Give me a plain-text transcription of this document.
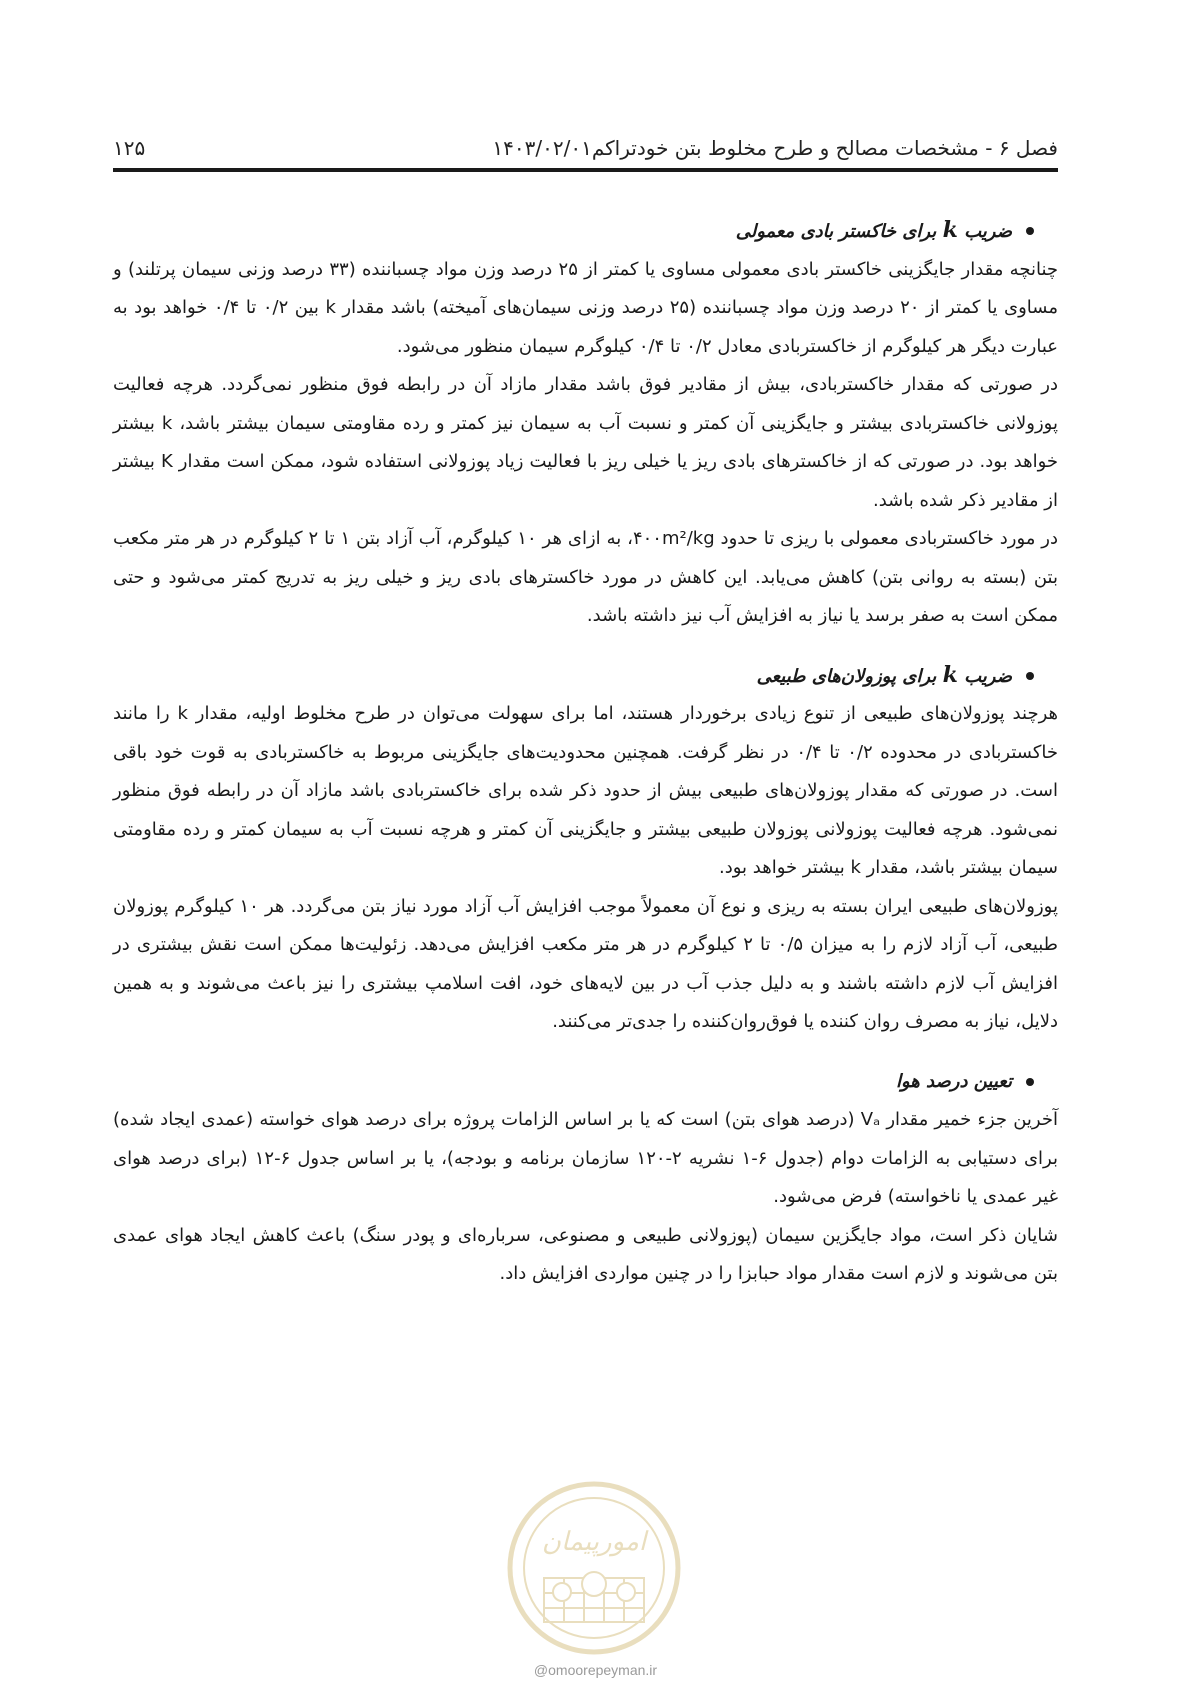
فصل ۶ - مشخصات مصالح و طرح مخلوط بتن خودتراکم۱۴۰۳/۰۲/۰۱
۱۲۵
ضریب k برای خاکستر بادی معمولی

چنانچه مقدار جایگزینی خاکستر بادی معمولی مساوی یا کمتر از ۲۵ درصد وزن مواد چسباننده (۳۳ درصد وزنی سیمان پرتلند) و مساوی یا کمتر از ۲۰ درصد وزن مواد چسباننده (۲۵ درصد وزنی سیمان‌های آمیخته) باشد مقدار k بین ۰/۲ تا ۰/۴ خواهد بود به عبارت دیگر هر کیلوگرم از خاکستربادی معادل ۰/۲ تا ۰/۴ کیلوگرم سیمان منظور می‌شود.

در صورتی که مقدار خاکستربادی، بیش از مقادیر فوق باشد مقدار مازاد آن در رابطه فوق منظور نمی‌گردد. هرچه فعالیت پوزولانی خاکستربادی بیشتر و جایگزینی آن کمتر و نسبت آب به سیمان نیز کمتر و رده مقاومتی سیمان بیشتر باشد، k بیشتر خواهد بود. در صورتی که از خاکسترهای بادی ریز یا خیلی ریز با فعالیت زیاد پوزولانی استفاده شود، ممکن است مقدار K بیشتر از مقادیر ذکر شده باشد.

در مورد خاکستربادی معمولی با ریزی تا حدود ۴۰۰m²/kg، به ازای هر ۱۰ کیلوگرم، آب آزاد بتن ۱ تا ۲ کیلوگرم در هر متر مکعب بتن (بسته به روانی بتن) کاهش می‌یابد. این کاهش در مورد خاکسترهای بادی ریز و خیلی ریز به تدریج کمتر می‌شود و حتی ممکن است به صفر برسد یا نیاز به افزایش آب نیز داشته باشد.

ضریب k برای پوزولان‌های طبیعی

هرچند پوزولان‌های طبیعی از تنوع زیادی برخوردار هستند، اما برای سهولت می‌توان در طرح مخلوط اولیه، مقدار k را مانند خاکستربادی در محدوده ۰/۲ تا ۰/۴ در نظر گرفت. همچنین محدودیت‌های جایگزینی مربوط به خاکستربادی به قوت خود باقی است. در صورتی که مقدار پوزولان‌های طبیعی بیش از حدود ذکر شده برای خاکستربادی باشد مازاد آن در رابطه فوق منظور نمی‌شود. هرچه فعالیت پوزولانی پوزولان طبیعی بیشتر و جایگزینی آن کمتر و هرچه نسبت آب به سیمان کمتر و رده مقاومتی سیمان بیشتر باشد، مقدار k بیشتر خواهد بود.

پوزولان‌های طبیعی ایران بسته به ریزی و نوع آن معمولاً موجب افزایش آب آزاد مورد نیاز بتن می‌گردد. هر ۱۰ کیلوگرم پوزولان طبیعی، آب آزاد لازم را به میزان ۰/۵ تا ۲ کیلوگرم در هر متر مکعب افزایش می‌دهد. زئولیت‌ها ممکن است نقش بیشتری در افزایش آب لازم داشته باشند و به دلیل جذب آب در بین لایه‌های خود، افت اسلامپ بیشتری را نیز باعث می‌شوند و به همین دلایل، نیاز به مصرف روان کننده یا فوق‌روان‌کننده را جدی‌تر می‌کنند.

تعیین درصد هوا

آخرین جزء خمیر مقدار Vₐ (درصد هوای بتن) است که یا بر اساس الزامات پروژه برای درصد هوای خواسته (عمدی ایجاد شده) برای دستیابی به الزامات دوام (جدول ۶-۱ نشریه ۲-۱۲۰ سازمان برنامه و بودجه)، یا بر اساس جدول ۶-۱۲ (برای درصد هوای غیر عمدی یا ناخواسته) فرض می‌شود.

شایان ذکر است، مواد جایگزین سیمان (پوزولانی طبیعی و مصنوعی، سرباره‌ای و پودر سنگ) باعث کاهش ایجاد هوای عمدی بتن می‌شوند و لازم است مقدار مواد حبابزا را در چنین مواردی افزایش داد.

امورپیمان
@omoorepeyman.ir
